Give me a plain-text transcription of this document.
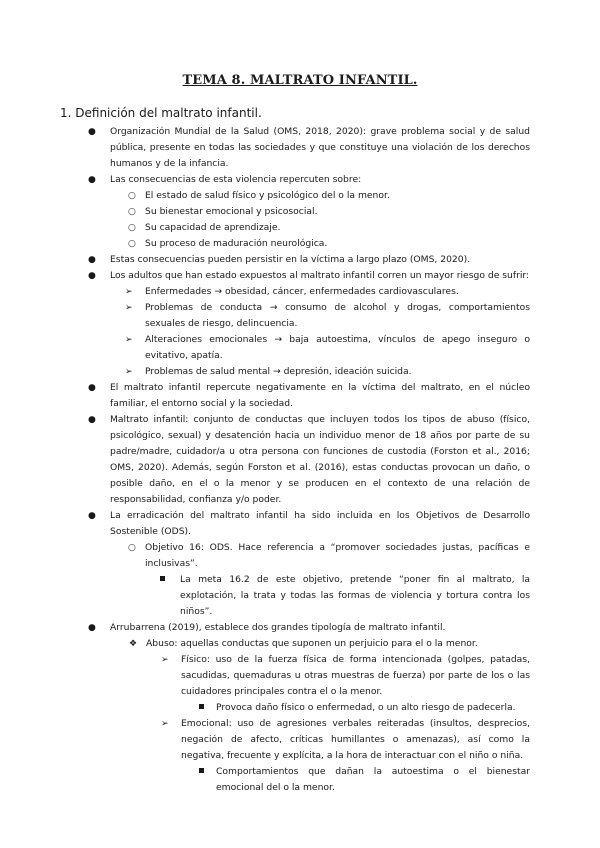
TEMA 8. MALTRATO INFANTIL.
1. Definición del maltrato infantil.
● Organización Mundial de la Salud (OMS, 2018, 2020): grave problema social y de salud pública, presente en todas las sociedades y que constituye una violación de los derechos humanos y de la infancia.
● Las consecuencias de esta violencia repercuten sobre:
○ El estado de salud físico y psicológico del o la menor.
○ Su bienestar emocional y psicosocial.
○ Su capacidad de aprendizaje.
○ Su proceso de maduración neurológica.
● Estas consecuencias pueden persistir en la víctima a largo plazo (OMS, 2020).
● Los adultos que han estado expuestos al maltrato infantil corren un mayor riesgo de sufrir:
➢ Enfermedades → obesidad, cáncer, enfermedades cardiovasculares.
➢ Problemas de conducta → consumo de alcohol y drogas, comportamientos sexuales de riesgo, delincuencia.
➢ Alteraciones emocionales → baja autoestima, vínculos de apego inseguro o evitativo, apatía.
➢ Problemas de salud mental → depresión, ideación suicida.
● El maltrato infantil repercute negativamente en la víctima del maltrato, en el núcleo familiar, el entorno social y la sociedad.
● Maltrato infantil: conjunto de conductas que incluyen todos los tipos de abuso (físico, psicológico, sexual) y desatención hacia un individuo menor de 18 años por parte de su padre/madre, cuidador/a u otra persona con funciones de custodia (Forston et al., 2016; OMS, 2020). Además, según Forston et al. (2016), estas conductas provocan un daño, o posible daño, en el o la menor y se producen en el contexto de una relación de responsabilidad, confianza y/o poder.
● La erradicación del maltrato infantil ha sido incluida en los Objetivos de Desarrollo Sostenible (ODS).
○ Objetivo 16: ODS. Hace referencia a “promover sociedades justas, pacíficas e inclusivas”.
La meta 16.2 de este objetivo, pretende “poner fin al maltrato, la explotación, la trata y todas las formas de violencia y tortura contra los niños”.
● Arrubarrena (2019), establece dos grandes tipología de maltrato infantil.
❖ Abuso: aquellas conductas que suponen un perjuicio para el o la menor.
➢ Físico: uso de la fuerza física de forma intencionada (golpes, patadas, sacudidas, quemaduras u otras muestras de fuerza) por parte de los o las cuidadores principales contra el o la menor.
Provoca daño físico o enfermedad, o un alto riesgo de padecerla.
➢ Emocional: uso de agresiones verbales reiteradas (insultos, desprecios, negación de afecto, críticas humillantes o amenazas), así como la negativa, frecuente y explícita, a la hora de interactuar con el niño o niña.
Comportamientos que dañan la autoestima o el bienestar emocional del o la menor.
